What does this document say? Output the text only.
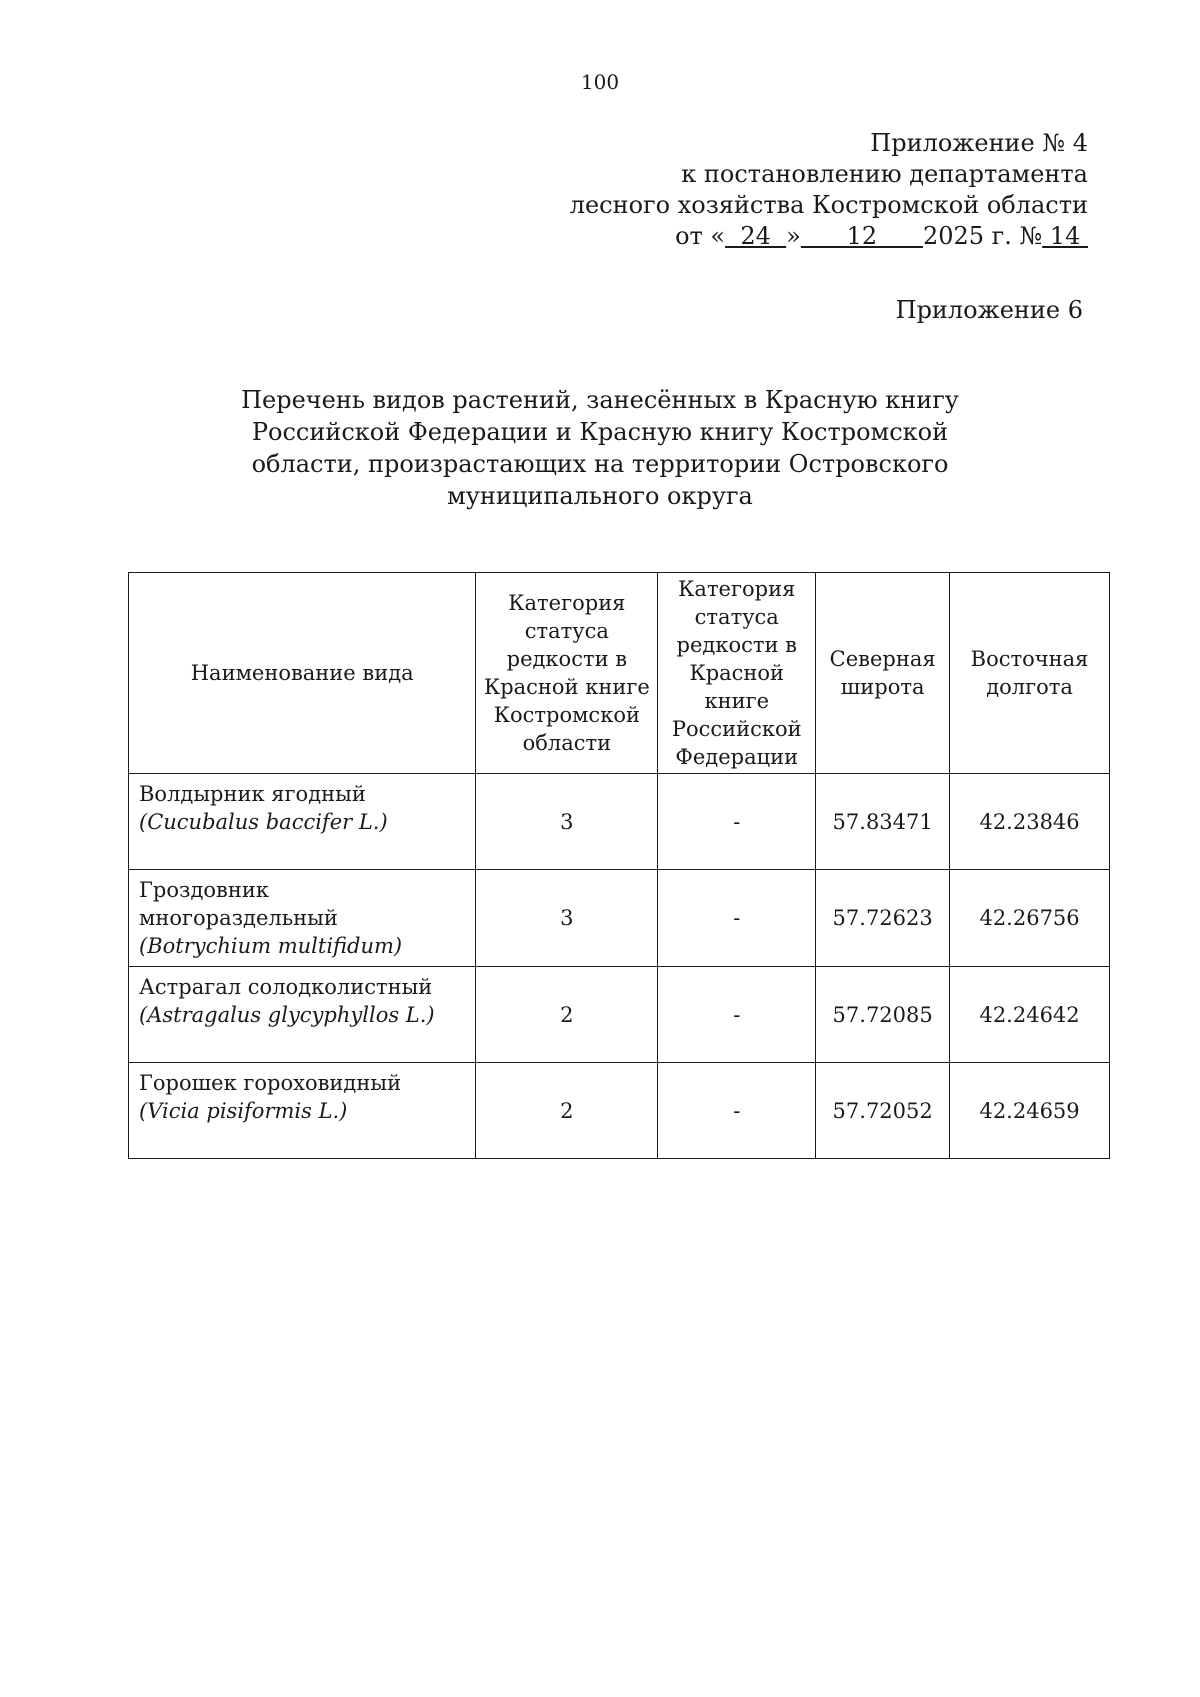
100
Приложение № 4
к постановлению департамента
лесного хозяйства Костромской области
от «  24  »      12      2025 г. № 14
Приложение 6
Перечень видов растений, занесённых в Красную книгу
Российской Федерации и Красную книгу Костромской
области, произрастающих на территории Островского
муниципального округа
Наименование вида	Категория статуса редкости в Красной книге Костромской области	Категория статуса редкости в Красной книге Российской Федерации	Северная широта	Восточная долгота

Волдырник ягодный
(Cucubalus baccifer L.)	3	-	57.83471	42.23846

Гроздовник многораздельный
(Botrychium multifidum)	3	-	57.72623	42.26756

Астрагал солодколистный
(Astragalus glycyphyllos L.)	2	-	57.72085	42.24642

Горошек гороховидный
(Vicia pisiformis L.)	2	-	57.72052	42.24659
